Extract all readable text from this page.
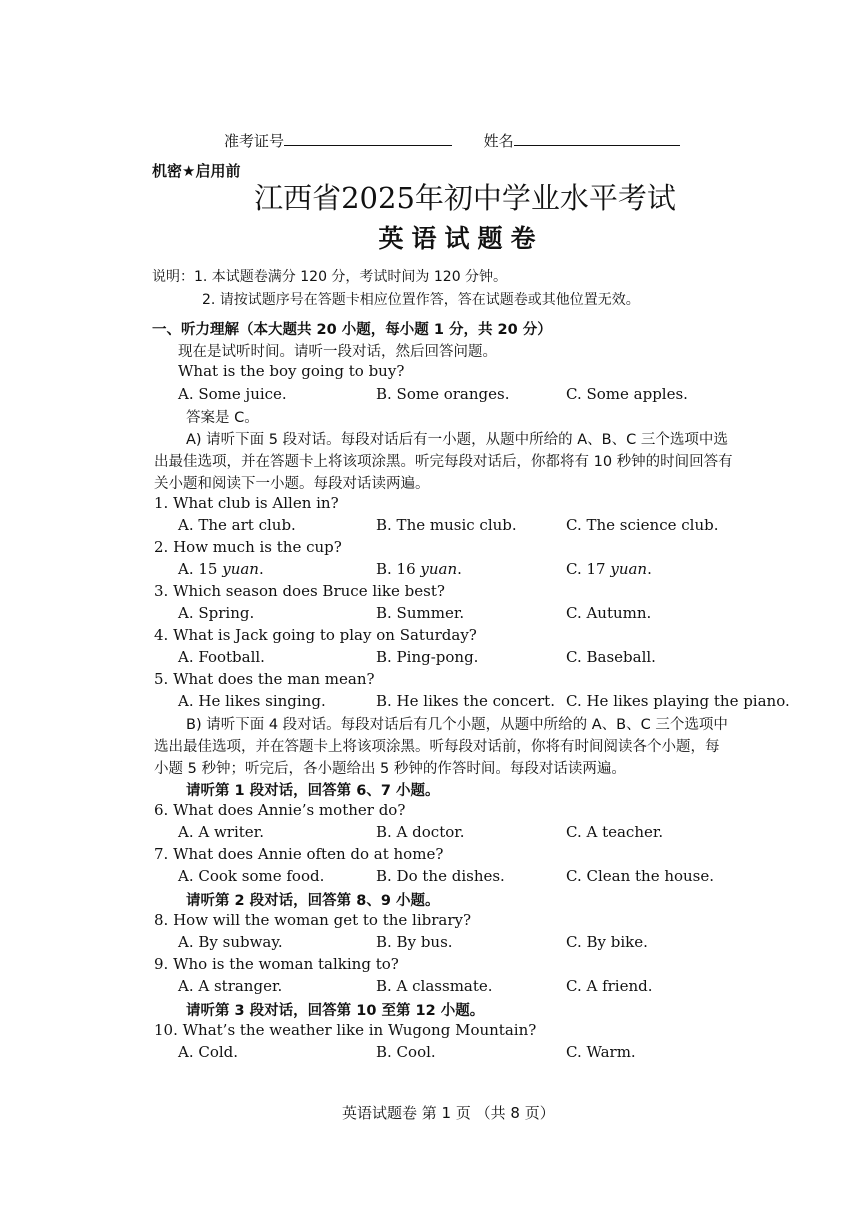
准考证号	姓名
机密★启用前
江西省2025年初中学业水平考试
英语试题卷
说明：1. 本试题卷满分 120 分，考试时间为 120 分钟。
2. 请按试题序号在答题卡相应位置作答，答在试题卷或其他位置无效。
一、听力理解（本大题共 20 小题，每小题 1 分，共 20 分）
现在是试听时间。请听一段对话，然后回答问题。
What is the boy going to buy?
A. Some juice.	B. Some oranges.	C. Some apples.
答案是 C。
A) 请听下面 5 段对话。每段对话后有一小题，从题中所给的 A、B、C 三个选项中选
出最佳选项，并在答题卡上将该项涂黑。听完每段对话后，你都将有 10 秒钟的时间回答有
关小题和阅读下一小题。每段对话读两遍。
1. What club is Allen in?
A. The art club.	B. The music club.	C. The science club.
2. How much is the cup?
A. 15 yuan.	B. 16 yuan.	C. 17 yuan.
3. Which season does Bruce like best?
A. Spring.	B. Summer.	C. Autumn.
4. What is Jack going to play on Saturday?
A. Football.	B. Ping-pong.	C. Baseball.
5. What does the man mean?
A. He likes singing.	B. He likes the concert. C. He likes playing the piano.
B) 请听下面 4 段对话。每段对话后有几个小题，从题中所给的 A、B、C 三个选项中
选出最佳选项，并在答题卡上将该项涂黑。听每段对话前，你将有时间阅读各个小题，每
小题 5 秒钟；听完后，各小题给出 5 秒钟的作答时间。每段对话读两遍。
请听第 1 段对话，回答第 6、7 小题。
6. What does Annie’s mother do?
A. A writer.	B. A doctor.	C. A teacher.
7. What does Annie often do at home?
A. Cook some food.	B. Do the dishes.	C. Clean the house.
请听第 2 段对话，回答第 8、9 小题。
8. How will the woman get to the library?
A. By subway.	B. By bus.	C. By bike.
9. Who is the woman talking to?
A. A stranger.	B. A classmate.	C. A friend.
请听第 3 段对话，回答第 10 至第 12 小题。
10. What’s the weather like in Wugong Mountain?
A. Cold.	B. Cool.	C. Warm.
英语试题卷 第 1 页 （共 8 页）
